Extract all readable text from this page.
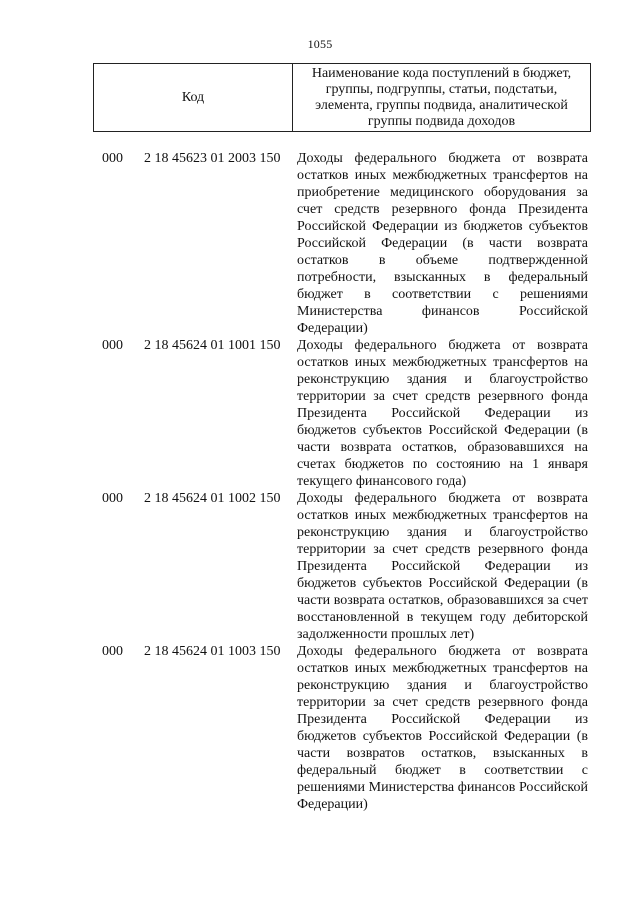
1055
Код
Наименование кода поступлений в бюджет, группы, подгруппы, статьи, подстатьи, элемента, группы подвида, аналитической группы подвида доходов
000	2 18 45623 01 2003 150	Доходы федерального бюджета от возврата остатков иных межбюджетных трансфертов на приобретение медицинского оборудования за счет средств резервного фонда Президента Российской Федерации из бюджетов субъектов Российской Федерации (в части возврата остатков в объеме подтвержденной потребности, взысканных в федеральный бюджет в соответствии с решениями Министерства финансов Российской Федерации)
000	2 18 45624 01 1001 150	Доходы федерального бюджета от возврата остатков иных межбюджетных трансфертов на реконструкцию здания и благоустройство территории за счет средств резервного фонда Президента Российской Федерации из бюджетов субъектов Российской Федерации (в части возврата остатков, образовавшихся на счетах бюджетов по состоянию на 1 января текущего финансового года)
000	2 18 45624 01 1002 150	Доходы федерального бюджета от возврата остатков иных межбюджетных трансфертов на реконструкцию здания и благоустройство территории за счет средств резервного фонда Президента Российской Федерации из бюджетов субъектов Российской Федерации (в части возврата остатков, образовавшихся за счет восстановленной в текущем году дебиторской задолженности прошлых лет)
000	2 18 45624 01 1003 150	Доходы федерального бюджета от возврата остатков иных межбюджетных трансфертов на реконструкцию здания и благоустройство территории за счет средств резервного фонда Президента Российской Федерации из бюджетов субъектов Российской Федерации (в части возвратов остатков, взысканных в федеральный бюджет в соответствии с решениями Министерства финансов Российской Федерации)
